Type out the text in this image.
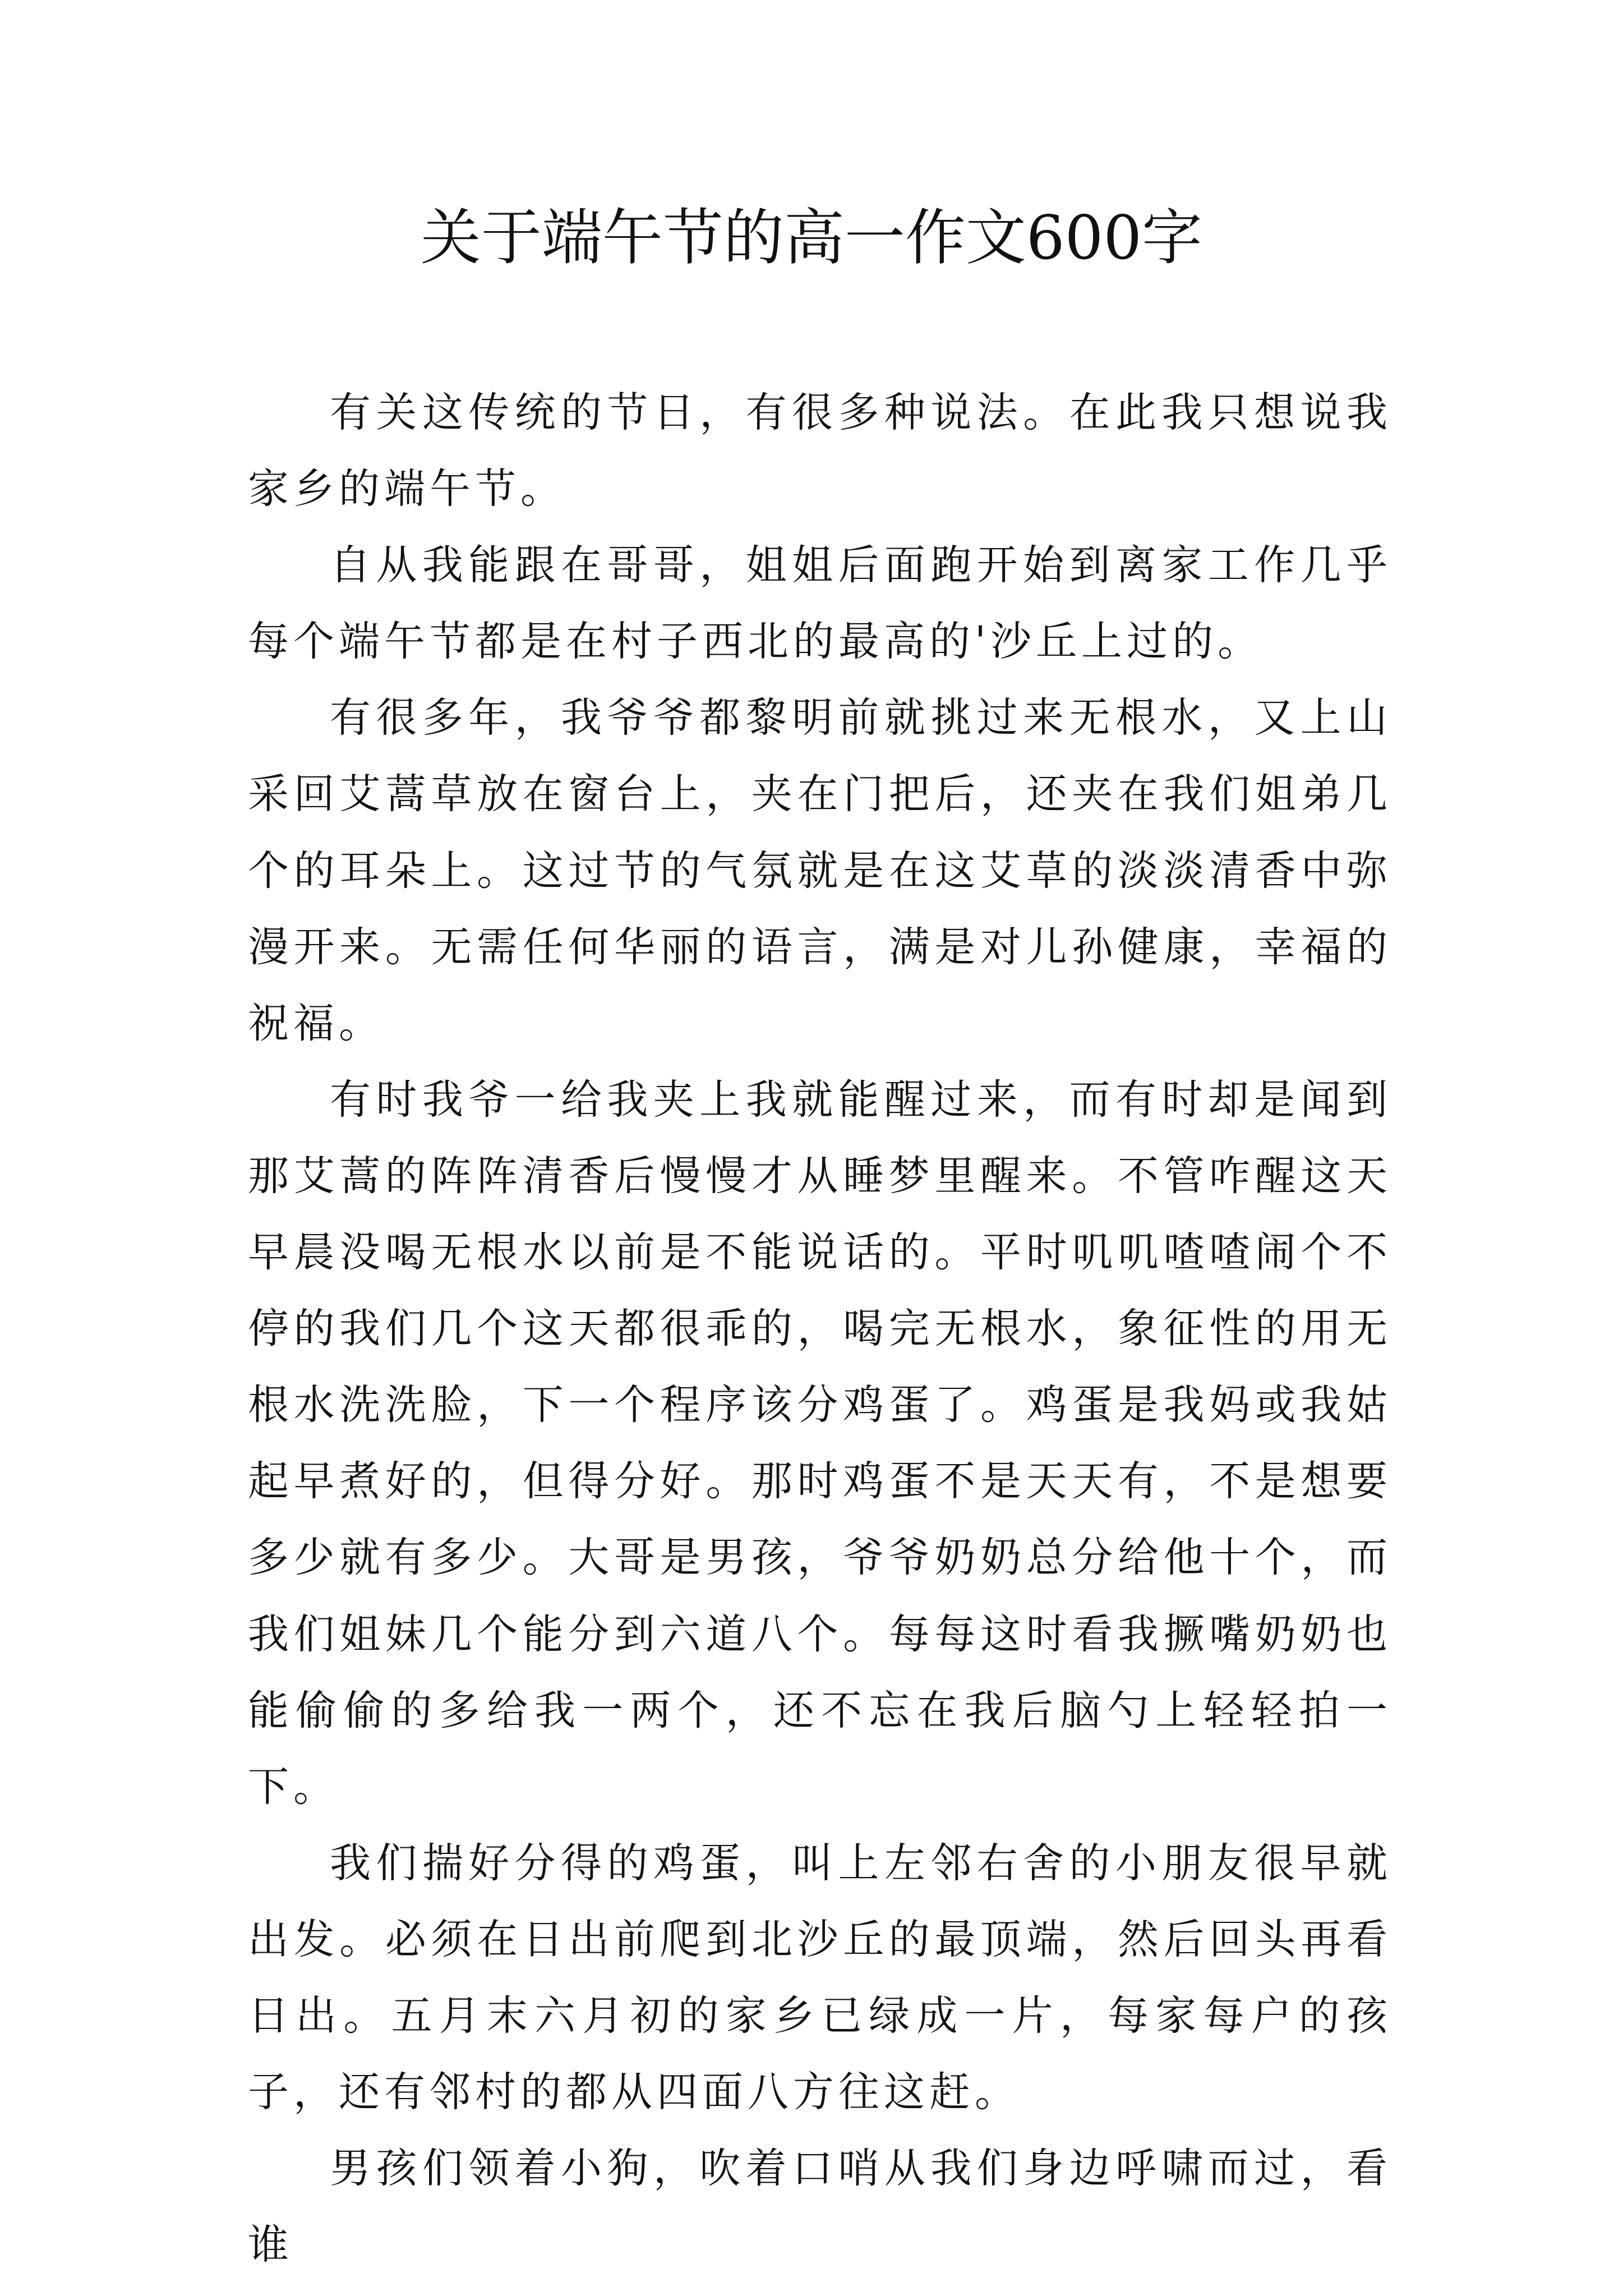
关于端午节的高一作文600字

有关这传统的节日，有很多种说法。在此我只想说我家乡的端午节。

自从我能跟在哥哥，姐姐后面跑开始到离家工作几乎每个端午节都是在村子西北的最高的'沙丘上过的。

有很多年，我爷爷都黎明前就挑过来无根水，又上山采回艾蒿草放在窗台上，夹在门把后，还夹在我们姐弟几个的耳朵上。这过节的气氛就是在这艾草的淡淡清香中弥漫开来。无需任何华丽的语言，满是对儿孙健康，幸福的祝福。

有时我爷一给我夹上我就能醒过来，而有时却是闻到那艾蒿的阵阵清香后慢慢才从睡梦里醒来。不管咋醒这天早晨没喝无根水以前是不能说话的。平时叽叽喳喳闹个不停的我们几个这天都很乖的，喝完无根水，象征性的用无根水洗洗脸，下一个程序该分鸡蛋了。鸡蛋是我妈或我姑起早煮好的，但得分好。那时鸡蛋不是天天有，不是想要多少就有多少。大哥是男孩，爷爷奶奶总分给他十个，而我们姐妹几个能分到六道八个。每每这时看我撅嘴奶奶也能偷偷的多给我一两个，还不忘在我后脑勺上轻轻拍一下。

我们揣好分得的鸡蛋，叫上左邻右舍的小朋友很早就出发。必须在日出前爬到北沙丘的最顶端，然后回头再看日出。五月末六月初的家乡已绿成一片，每家每户的孩子，还有邻村的都从四面八方往这赶。

男孩们领着小狗，吹着口哨从我们身边呼啸而过，看谁
